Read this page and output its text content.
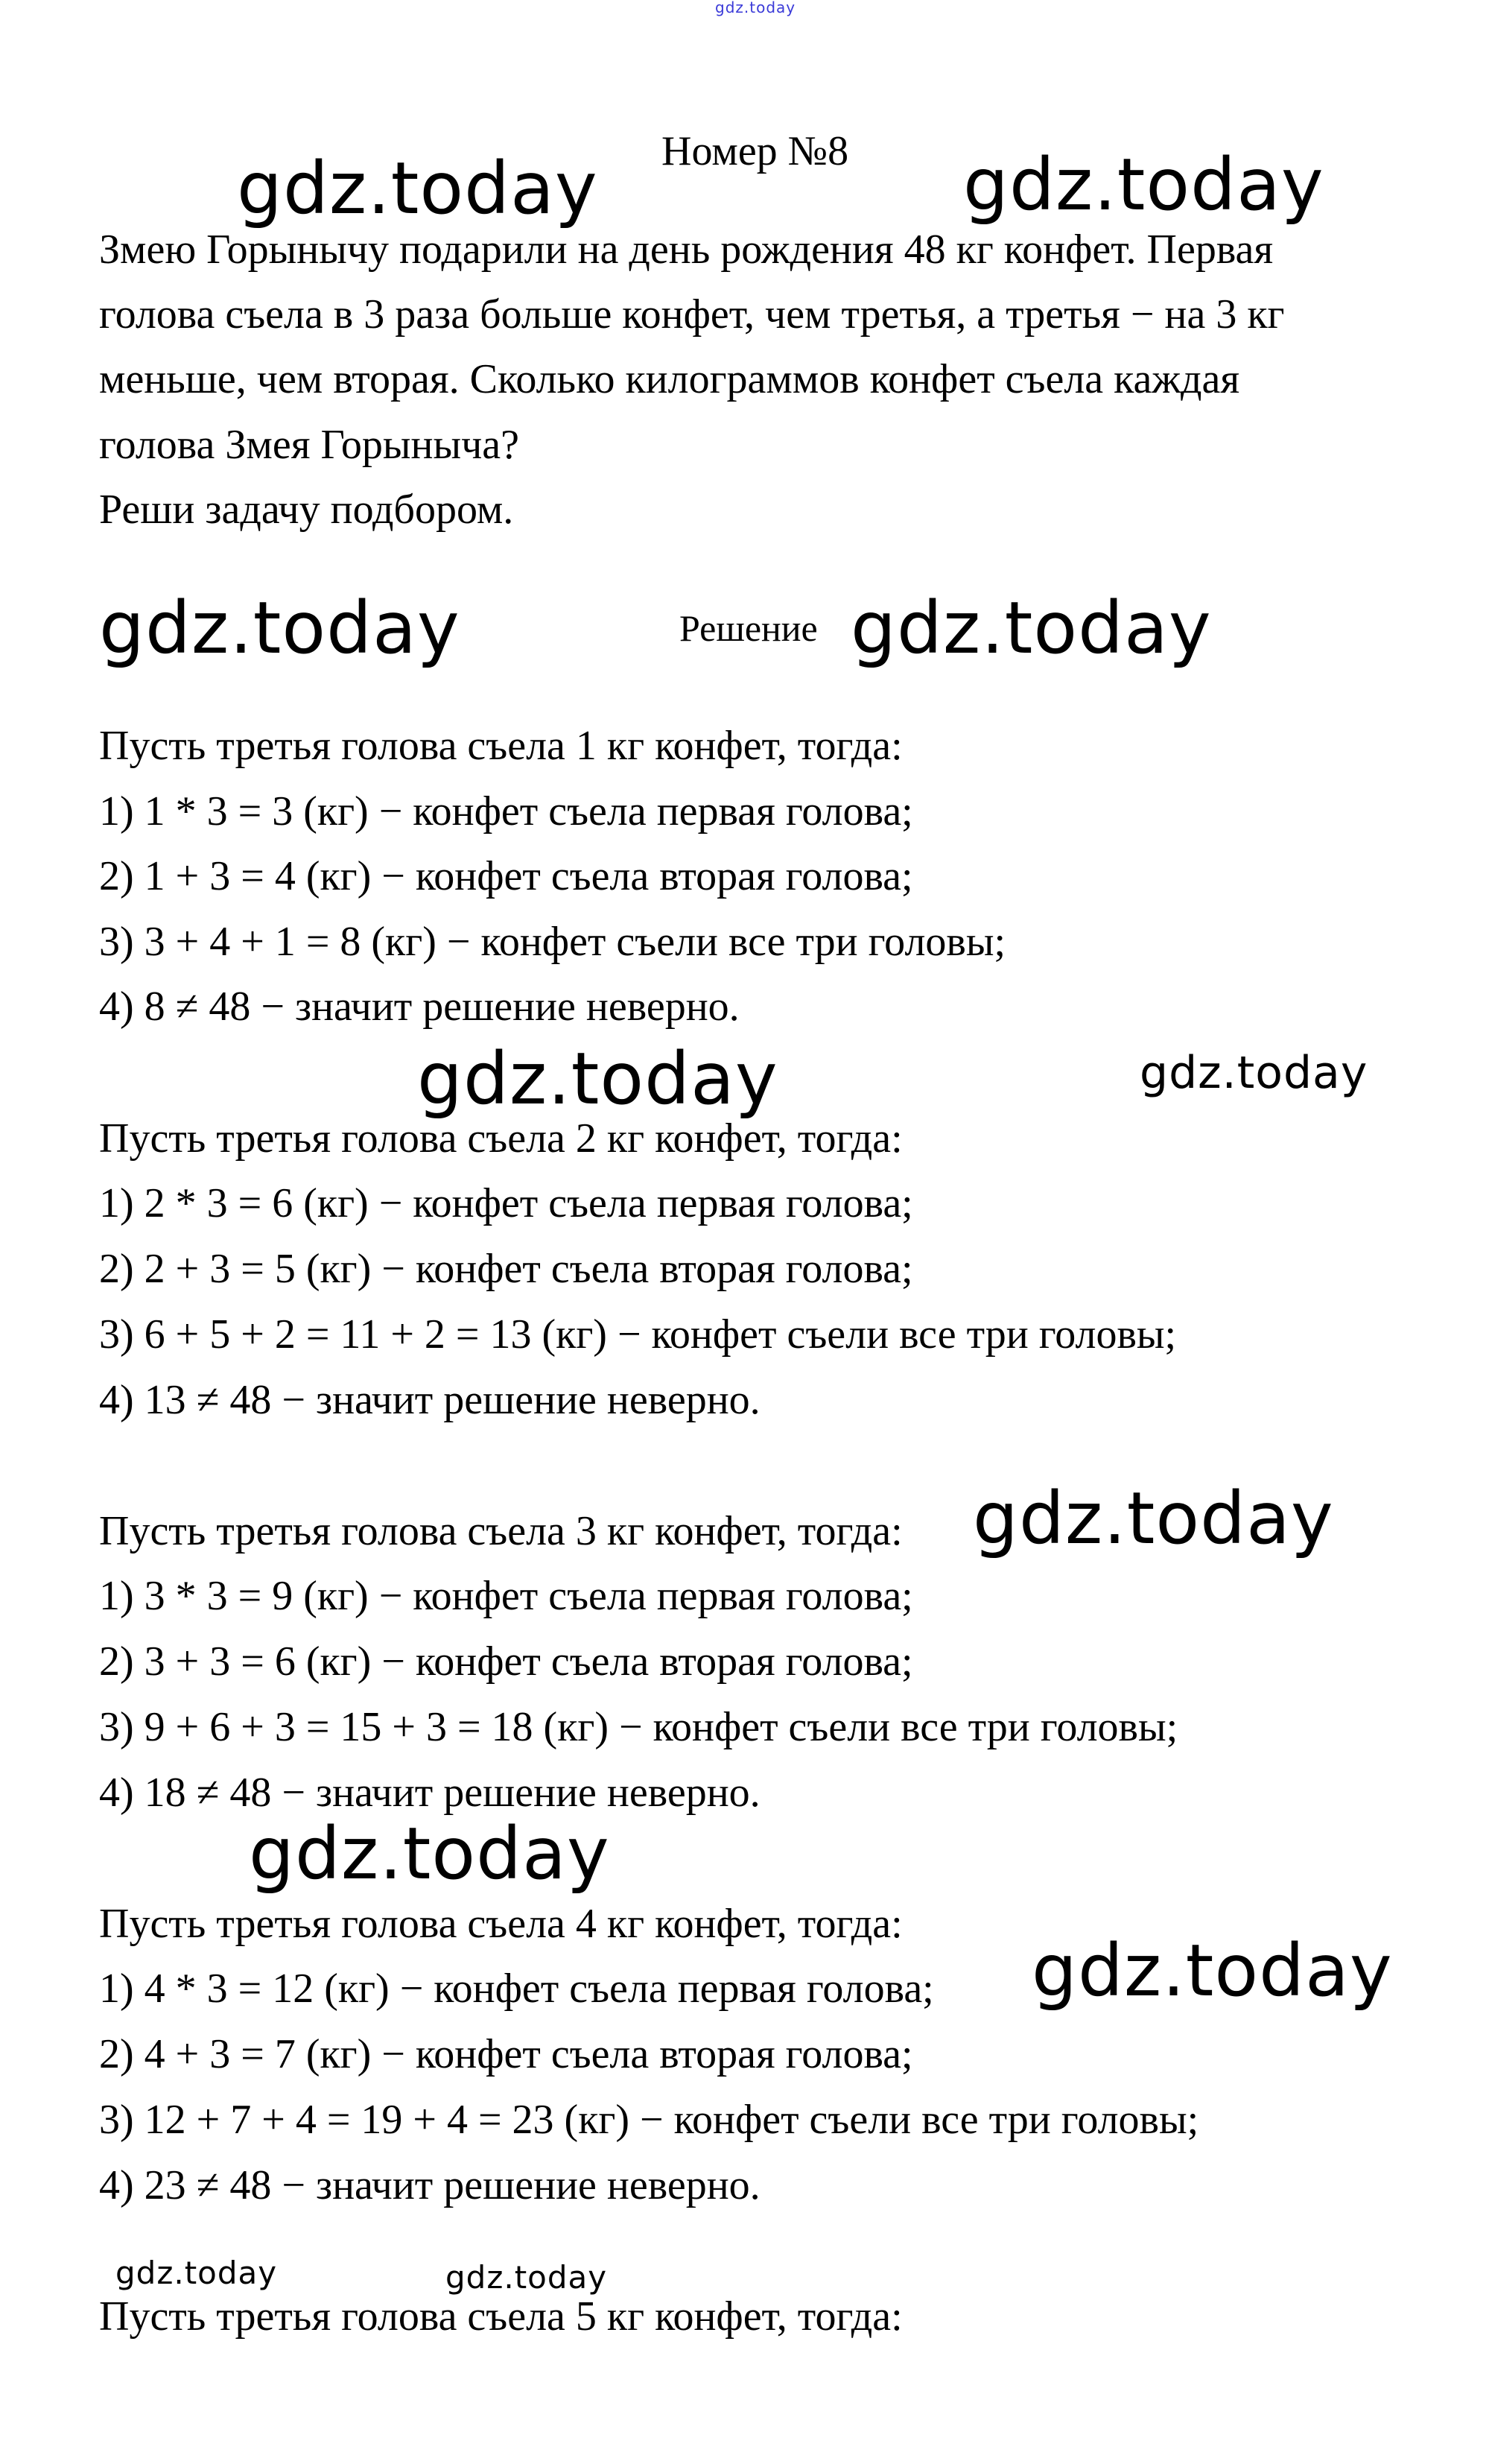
gdz.today
gdz.today	gdz.today
gdz.today	gdz.today
gdz.today	gdz.today
gdz.today
gdz.today
gdz.today
gdz.today	gdz.today
Номер №8
Змею Горынычу подарили на день рождения 48 кг конфет. Первая
голова съела в 3 раза больше конфет, чем третья, а третья − на 3 кг
меньше, чем вторая. Сколько килограммов конфет съела каждая
голова Змея Горыныча?
Реши задачу подбором.
Решение
Пусть третья голова съела 1 кг конфет, тогда:
1) 1 * 3 = 3 (кг) − конфет съела первая голова;
2) 1 + 3 = 4 (кг) − конфет съела вторая голова;
3) 3 + 4 + 1 = 8 (кг) − конфет съели все три головы;
4) 8 ≠ 48 − значит решение неверно.
Пусть третья голова съела 2 кг конфет, тогда:
1) 2 * 3 = 6 (кг) − конфет съела первая голова;
2) 2 + 3 = 5 (кг) − конфет съела вторая голова;
3) 6 + 5 + 2 = 11 + 2 = 13 (кг) − конфет съели все три головы;
4) 13 ≠ 48 − значит решение неверно.
Пусть третья голова съела 3 кг конфет, тогда:
1) 3 * 3 = 9 (кг) − конфет съела первая голова;
2) 3 + 3 = 6 (кг) − конфет съела вторая голова;
3) 9 + 6 + 3 = 15 + 3 = 18 (кг) − конфет съели все три головы;
4) 18 ≠ 48 − значит решение неверно.
Пусть третья голова съела 4 кг конфет, тогда:
1) 4 * 3 = 12 (кг) − конфет съела первая голова;
2) 4 + 3 = 7 (кг) − конфет съела вторая голова;
3) 12 + 7 + 4 = 19 + 4 = 23 (кг) − конфет съели все три головы;
4) 23 ≠ 48 − значит решение неверно.
Пусть третья голова съела 5 кг конфет, тогда:
